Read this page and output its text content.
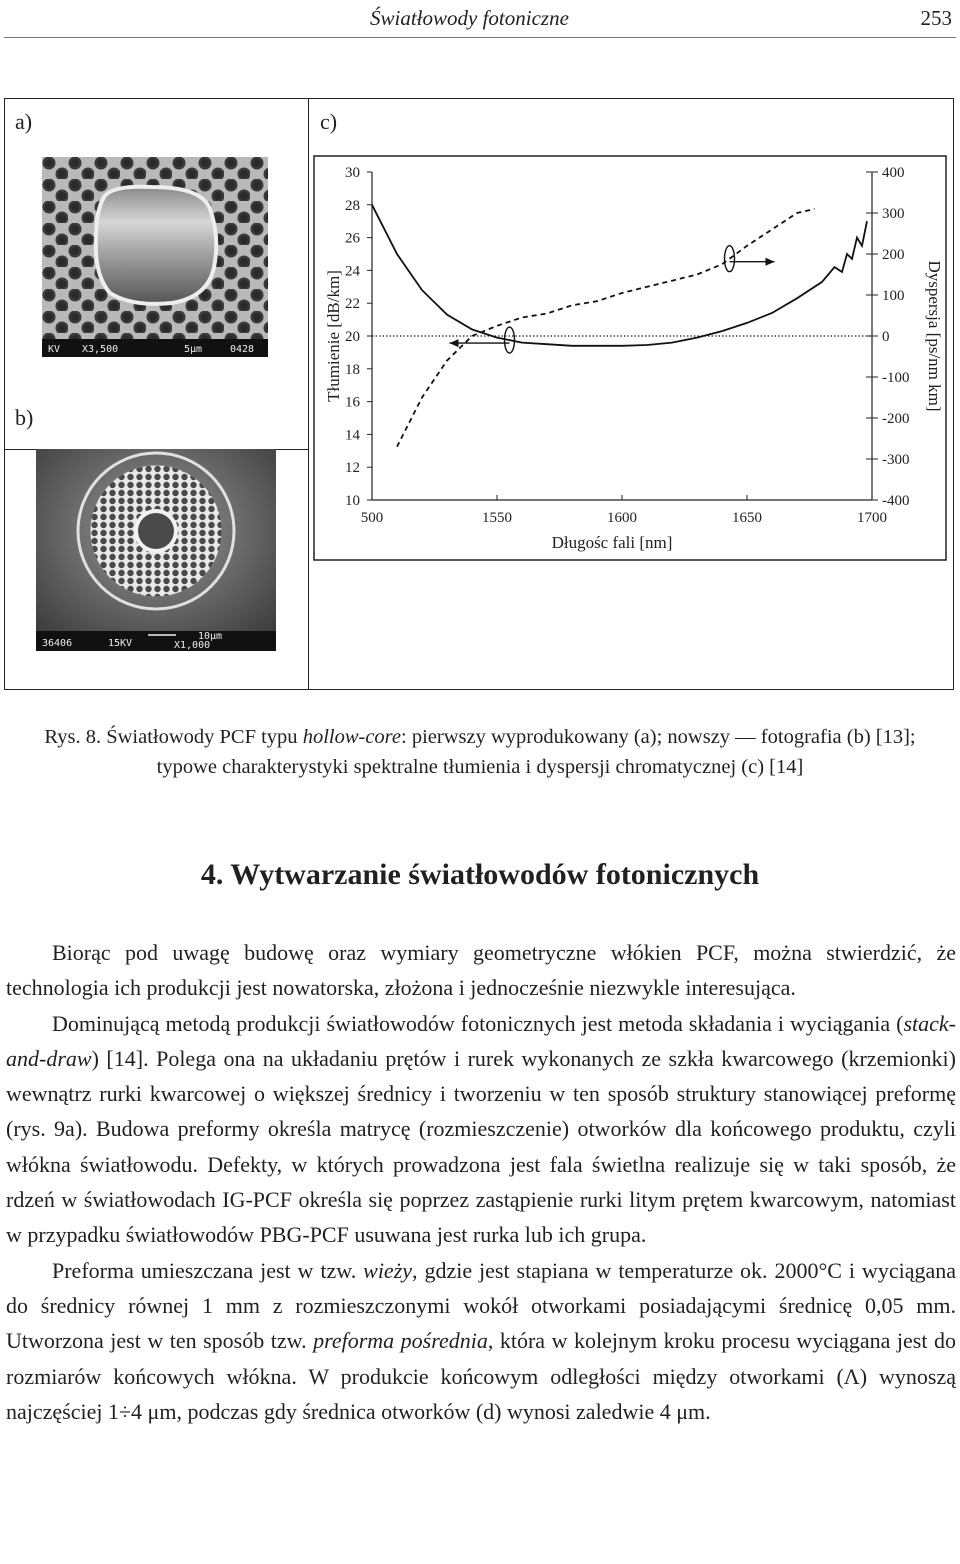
Światłowody fotoniczne	253
a)
b)
c)
KV X3,500	5μm	0428
36406	15KV
10μm
X1,000
30
28
26
24
22
20
18
16
14
12
10
400
300
200
100
0
-100
-200
-300
-400
500	1550	1600	1650	1700
Długośc fali [nm]
Tłumienie [dB/km]	Dyspersja [ps/nm km]
Rys. 8. Światłowody PCF typu hollow-core: pierwszy wyprodukowany (a); nowszy — fotografia (b) [13];
typowe charakterystyki spektralne tłumienia i dyspersji chromatycznej (c) [14]
4. Wytwarzanie światłowodów fotonicznych

Biorąc pod uwagę budowę oraz wymiary geometryczne włókien PCF, można stwierdzić, że technologia ich produkcji jest nowatorska, złożona i jednocześnie niezwykle interesująca.

Dominującą metodą produkcji światłowodów fotonicznych jest metoda składania i wyciągania (stack-and-draw) [14]. Polega ona na układaniu prętów i rurek wykonanych ze szkła kwarcowego (krzemionki) wewnątrz rurki kwarcowej o większej średnicy i tworzeniu w ten sposób struktury stanowiącej preformę (rys. 9a). Budowa preformy określa matrycę (rozmieszczenie) otworków dla końcowego produktu, czyli włókna światłowodu. Defekty, w których prowadzona jest fala świetlna realizuje się w taki sposób, że rdzeń w światłowodach IG-PCF określa się poprzez zastąpienie rurki litym prętem kwarcowym, natomiast w przypadku światłowodów PBG-PCF usuwana jest rurka lub ich grupa.

Preforma umieszczana jest w tzw. wieży, gdzie jest stapiana w temperaturze ok. 2000°C i wyciągana do średnicy równej 1 mm z rozmieszczonymi wokół otworkami posiadającymi średnicę 0,05 mm. Utworzona jest w ten sposób tzw. preforma pośrednia, która w kolejnym kroku procesu wyciągana jest do rozmiarów końcowych włókna. W produkcie końcowym odległości między otworkami (Λ) wynoszą najczęściej 1÷4 μm, podczas gdy średnica otworków (d) wynosi zaledwie 4 μm.
